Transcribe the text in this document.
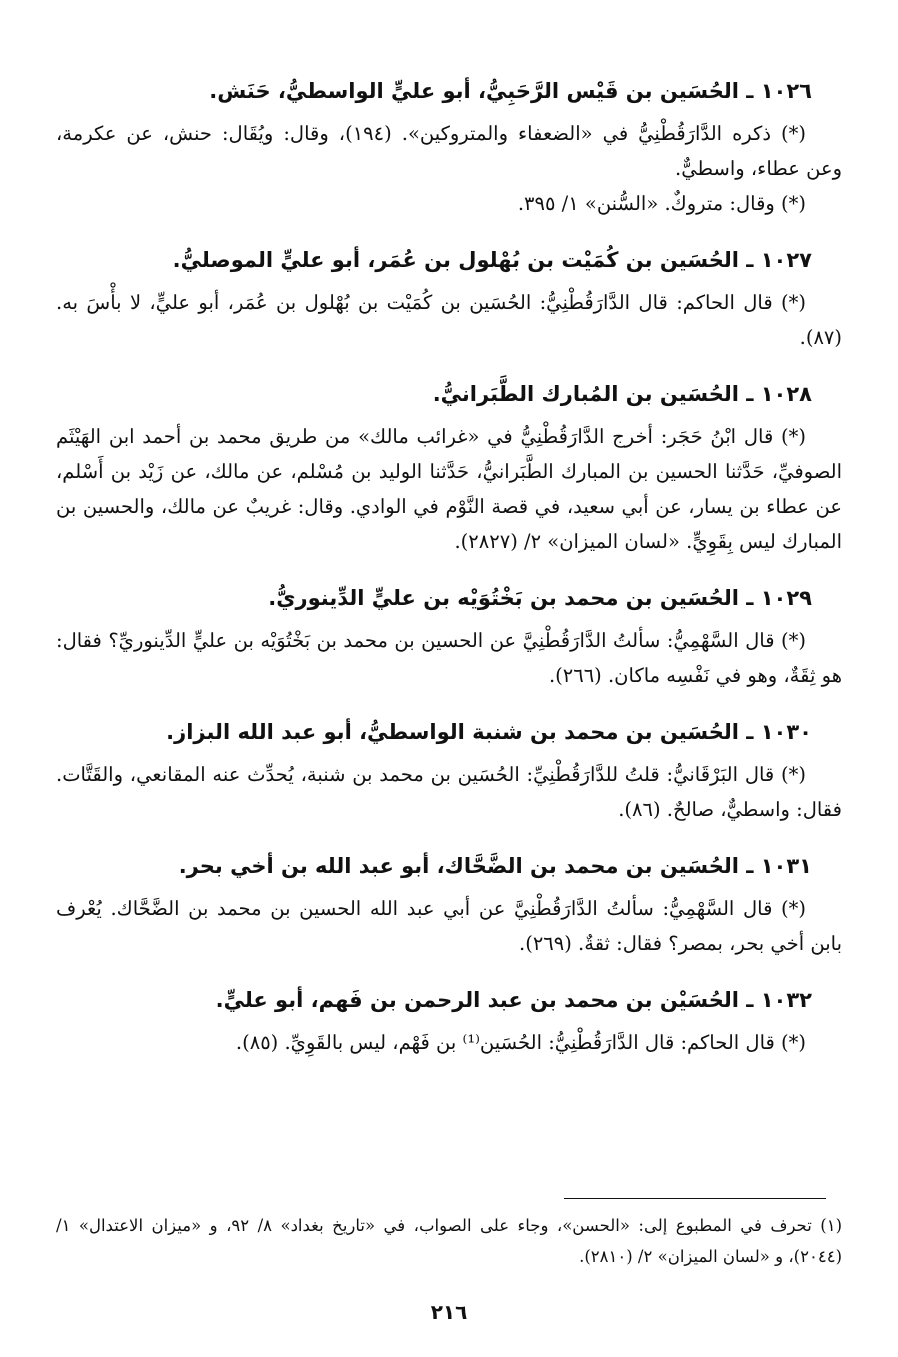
١٠٢٦ ـ الحُسَين بن قَيْس الرَّحَبِيُّ، أبو عليٍّ الواسطيُّ، حَنَش.

(*) ذكره الدَّارَقُطْنِيُّ في «الضعفاء والمتروكين». (١٩٤)، وقال: ويُقَال: حنش، عن عكرمة، وعن عطاء، واسطيٌّ.

(*) وقال: متروكٌ. «السُّنن» ١/ ٣٩٥.

١٠٢٧ ـ الحُسَين بن كُمَيْت بن بُهْلول بن عُمَر، أبو عليٍّ الموصليُّ.

(*) قال الحاكم: قال الدَّارَقُطْنِيُّ: الحُسَين بن كُمَيْت بن بُهْلول بن عُمَر، أبو عليٍّ، لا بأْسَ به. (٨٧).

١٠٢٨ ـ الحُسَين بن المُبارك الطَّبَرانيُّ.

(*) قال ابْنُ حَجَر: أخرج الدَّارَقُطْنِيُّ في «غرائب مالك» من طريق محمد بن أحمد ابن الهَيْثَم الصوفيِّ، حَدَّثنا الحسين بن المبارك الطَّبَرانيُّ، حَدَّثنا الوليد بن مُسْلم، عن مالك، عن زَيْد بن أَسْلم، عن عطاء بن يسار، عن أبي سعيد، في قصة النَّوْم في الوادي. وقال: غريبٌ عن مالك، والحسين بن المبارك ليس بِقَوِيٍّ. «لسان الميزان» ٢/ (٢٨٢٧).

١٠٢٩ ـ الحُسَين بن محمد بن بَخْتُوَيْه بن عليٍّ الدِّينوريُّ.

(*) قال السَّهْمِيُّ: سألتُ الدَّارَقُطْنِيَّ عن الحسين بن محمد بن بَخْتُوَيْه بن عليٍّ الدِّينوريِّ؟ فقال: هو ثِقَةٌ، وهو في نَفْسِه ماكان. (٢٦٦).

١٠٣٠ ـ الحُسَين بن محمد بن شنبة الواسطيُّ، أبو عبد الله البزاز.

(*) قال البَرْقَانيُّ: قلتُ للدَّارَقُطْنِيِّ: الحُسَين بن محمد بن شنبة، يُحدِّث عنه المقانعي، والقَتَّات. فقال: واسطيٌّ، صالحٌ. (٨٦).

١٠٣١ ـ الحُسَين بن محمد بن الضَّحَّاك، أبو عبد الله بن أخي بحر.

(*) قال السَّهْمِيُّ: سألتُ الدَّارَقُطْنِيَّ عن أبي عبد الله الحسين بن محمد بن الضَّحَّاك. يُعْرف بابن أخي بحر، بمصر؟ فقال: ثقةٌ. (٢٦٩).

١٠٣٢ ـ الحُسَيْن بن محمد بن عبد الرحمن بن فَهم، أبو عليٍّ.

(*) قال الحاكم: قال الدَّارَقُطْنِيُّ: الحُسَين⁽¹⁾ بن فَهْم، ليس بالقَوِيِّ. (٨٥).

(١) تحرف في المطبوع إلى: «الحسن»، وجاء على الصواب، في «تاريخ بغداد» ٨/ ٩٢، و «ميزان الاعتدال» ١/ (٢٠٤٤)، و «لسان الميزان» ٢/ (٢٨١٠).

٢١٦
